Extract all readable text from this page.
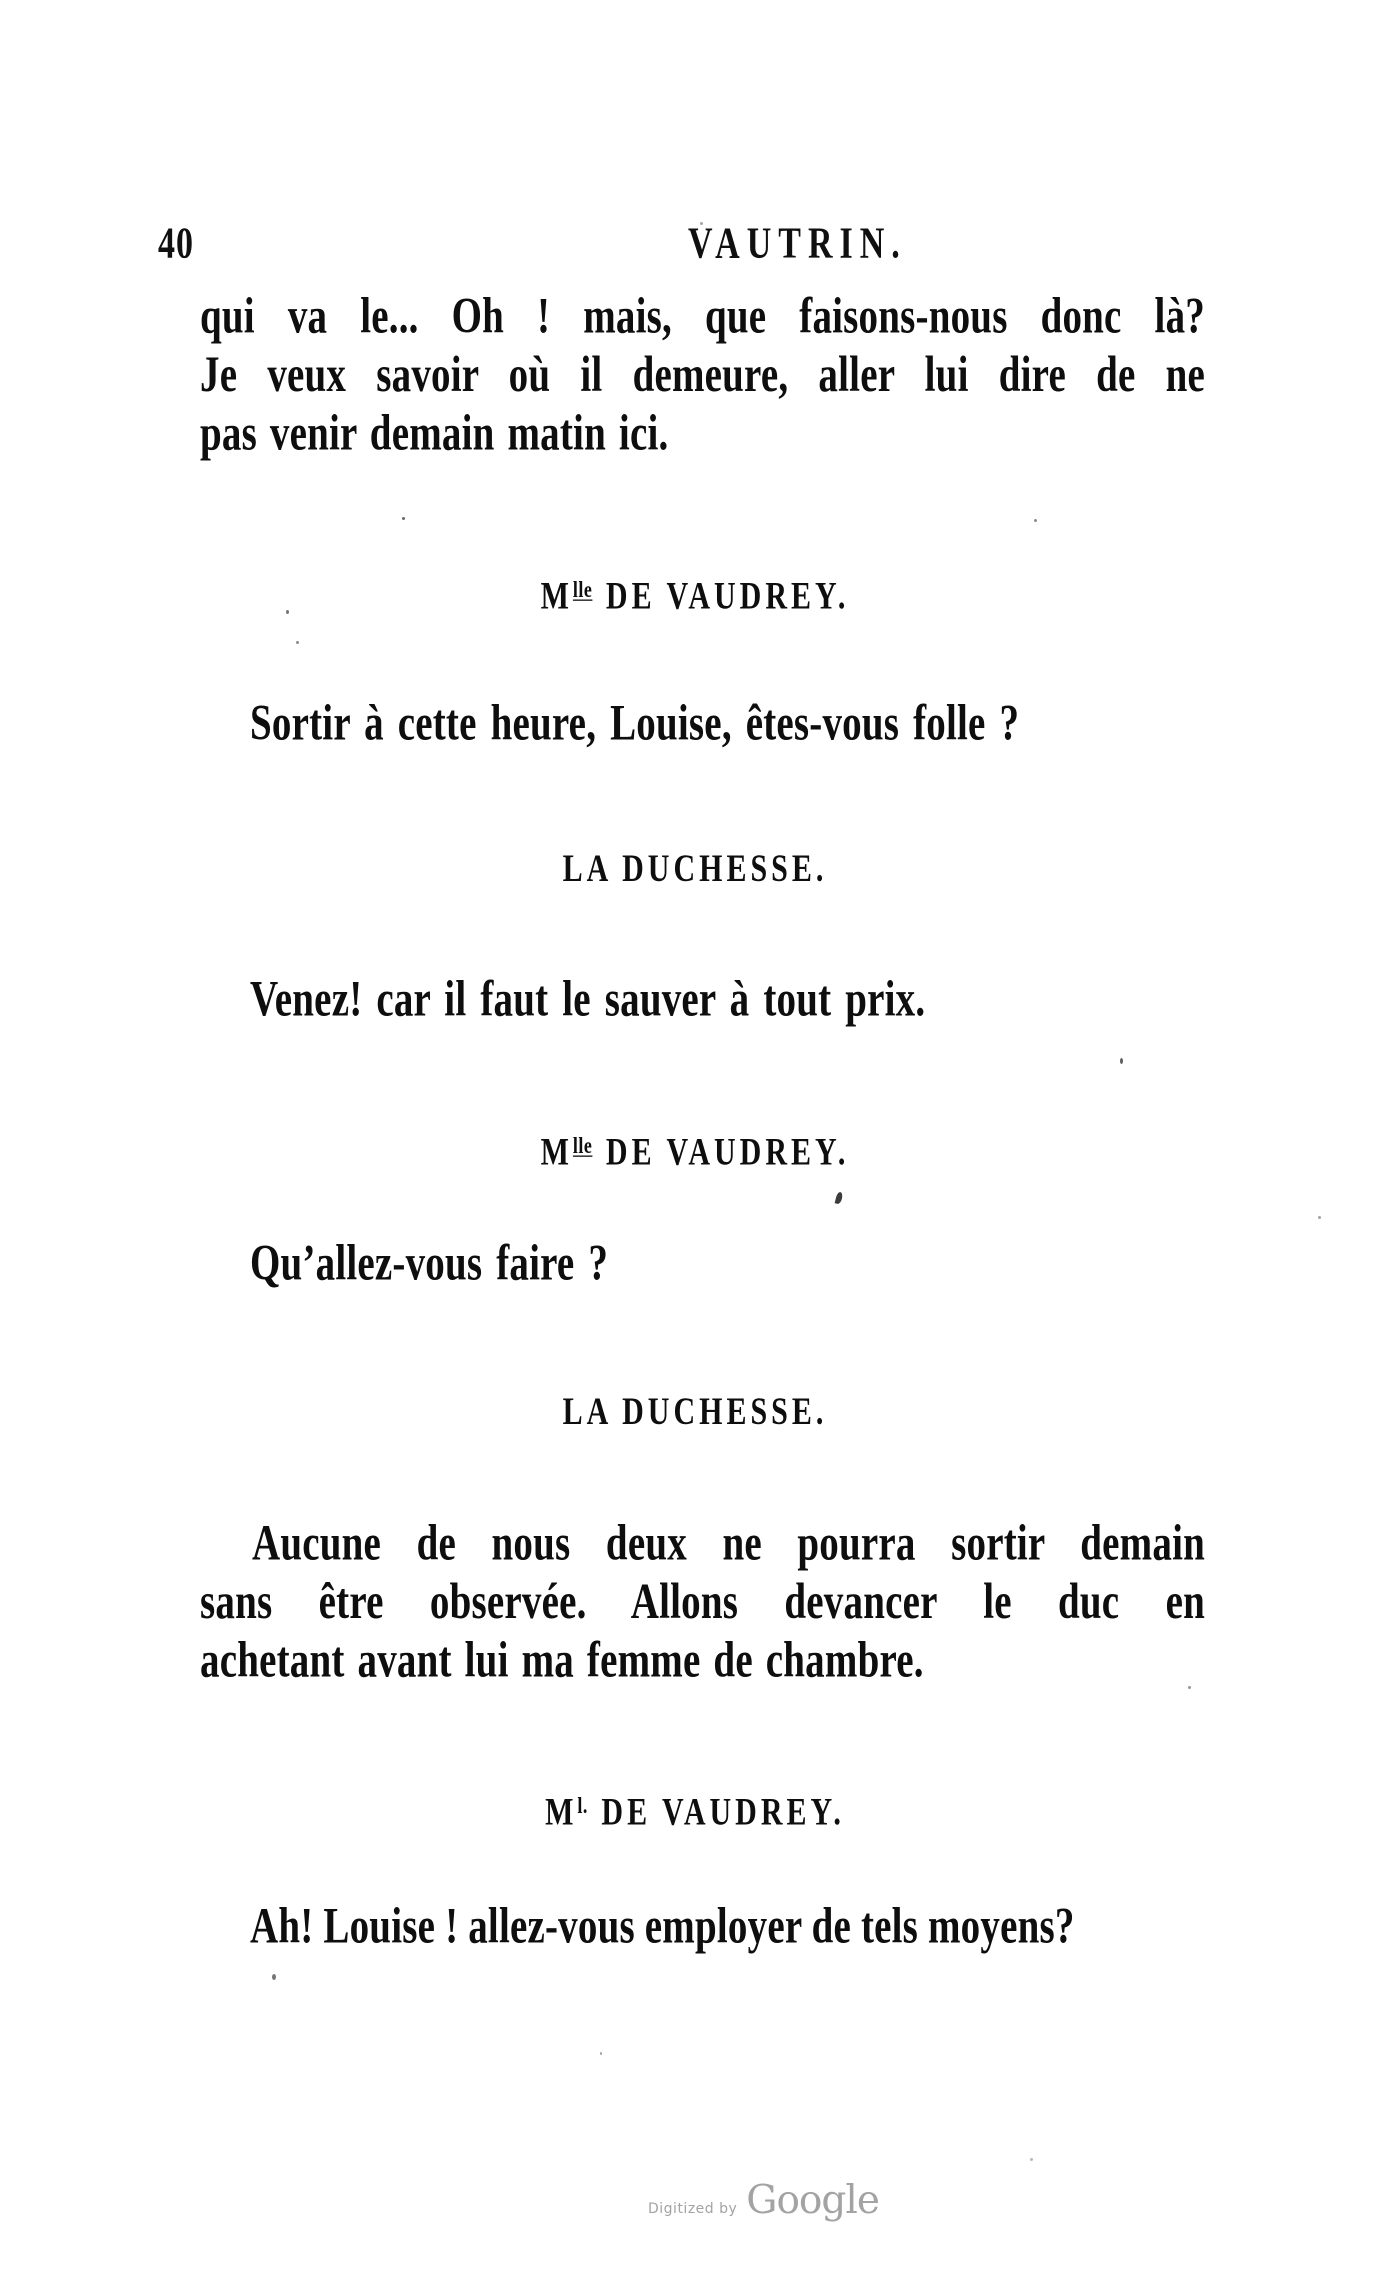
40	VAUTRIN.
qui va le... Oh ! mais, que faisons-nous donc là?
Je veux savoir où il demeure, aller lui dire de ne
pas venir demain matin ici.
$M^{lle}$ DE VAUDREY.
Sortir à cette heure, Louise, êtes-vous folle ?
LA DUCHESSE.
Venez! car il faut le sauver à tout prix.
$M^{lle}$ DE VAUDREY.
Qu’allez-vous faire ?
LA DUCHESSE.
Aucune de nous deux ne pourra sortir demain
sans être observée. Allons devancer le duc en
achetant avant lui ma femme de chambre.
$M^{l.}$ DE VAUDREY.
Ah! Louise ! allez-vous employer de tels moyens?
Digitized by Google
